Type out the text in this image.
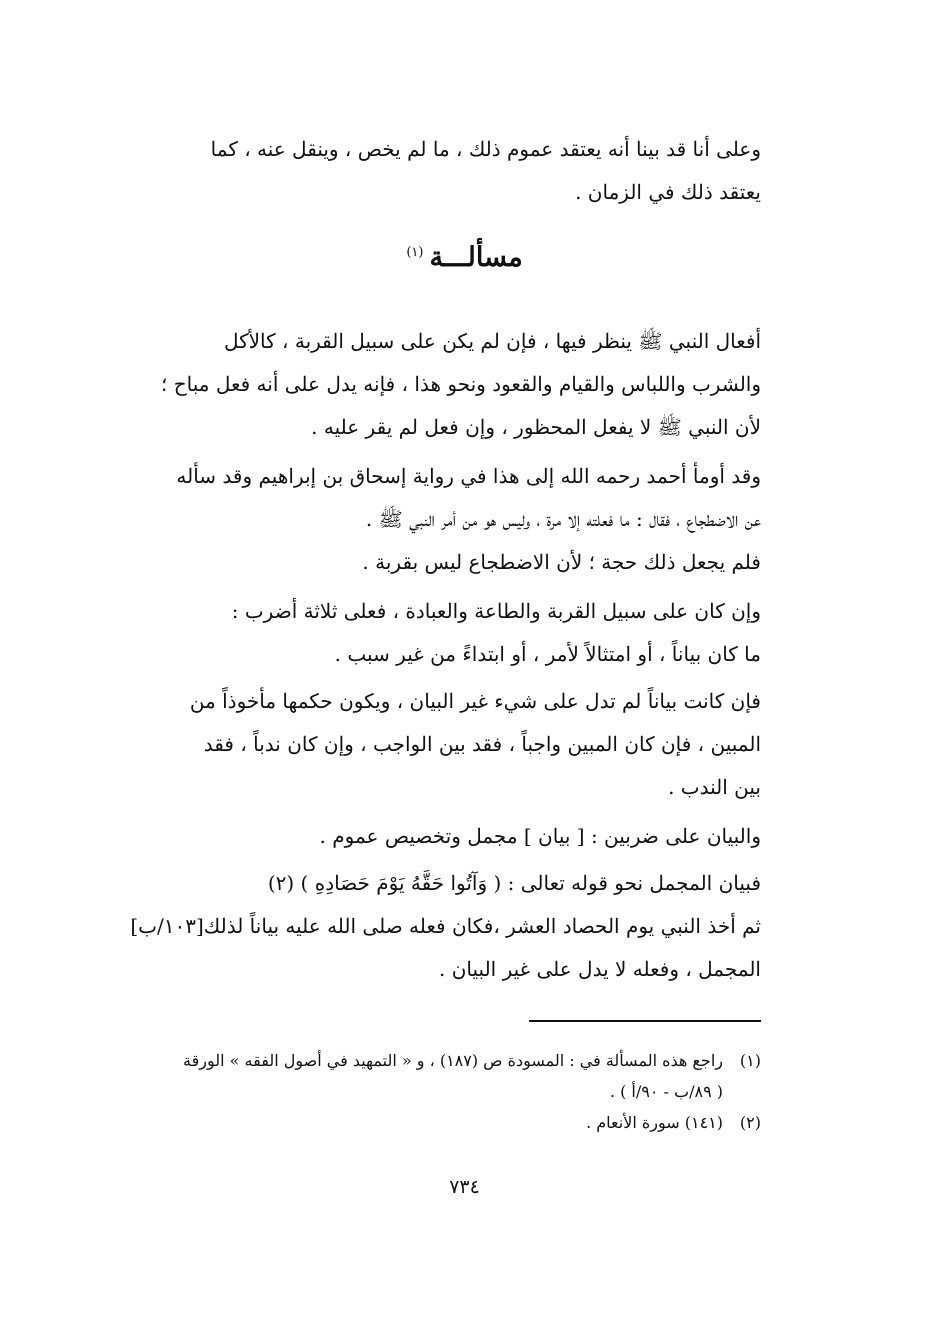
وعلى أنا قد بينا أنه يعتقد عموم ذلك ، ما لم يخص ، وينقل عنه ، كما
يعتقد ذلك في الزمان .
مسألـــة$^{(١)}$
أفعال النبي ﷺ ينظر فيها ، فإن لم يكن على سبيل القربة ، كالأكل
والشرب واللباس والقيام والقعود ونحو هذا ، فإنه يدل على أنه فعل مباح ؛
لأن النبي ﷺ لا يفعل المحظور ، وإن فعل لم يقر عليه .
وقد أومأ أحمد رحمه الله إلى هذا في رواية إسحاق بن إبراهيم وقد سأله
عن الاضطجاع ، فقال : ما فعلته إلا مرة ، وليس هو من أمر النبي ﷺ .
فلم يجعل ذلك حجة ؛ لأن الاضطجاع ليس بقربة .
وإن كان على سبيل القربة والطاعة والعبادة ، فعلى ثلاثة أضرب :
ما كان بياناً ، أو امتثالاً لأمر ، أو ابتداءً من غير سبب .
فإن كانت بياناً لم تدل على شيء غير البيان ، ويكون حكمها مأخوذاً من
المبين ، فإن كان المبين واجباً ، فقد بين الواجب ، وإن كان ندباً ، فقد
بين الندب .
والبيان على ضربين : [ بيان ] مجمل وتخصيص عموم .
فبيان المجمل نحو قوله تعالى : ( وَآتُوا حَقَّهُ يَوْمَ حَصَادِهِ ) (٢)
ثم أخذ النبي يوم الحصاد العشر ،فكان فعله صلى الله عليه بياناً لذلك[١٠٣/ب]
المجمل ، وفعله لا يدل على غير البيان .
(١)راجع هذه المسألة في : المسودة ص (١٨٧) ، و « التمهيد في أصول الفقه » الورقة
( ٨٩/ب - ٩٠/أ ) .
(٢)(١٤١) سورة الأنعام .
٧٣٤
